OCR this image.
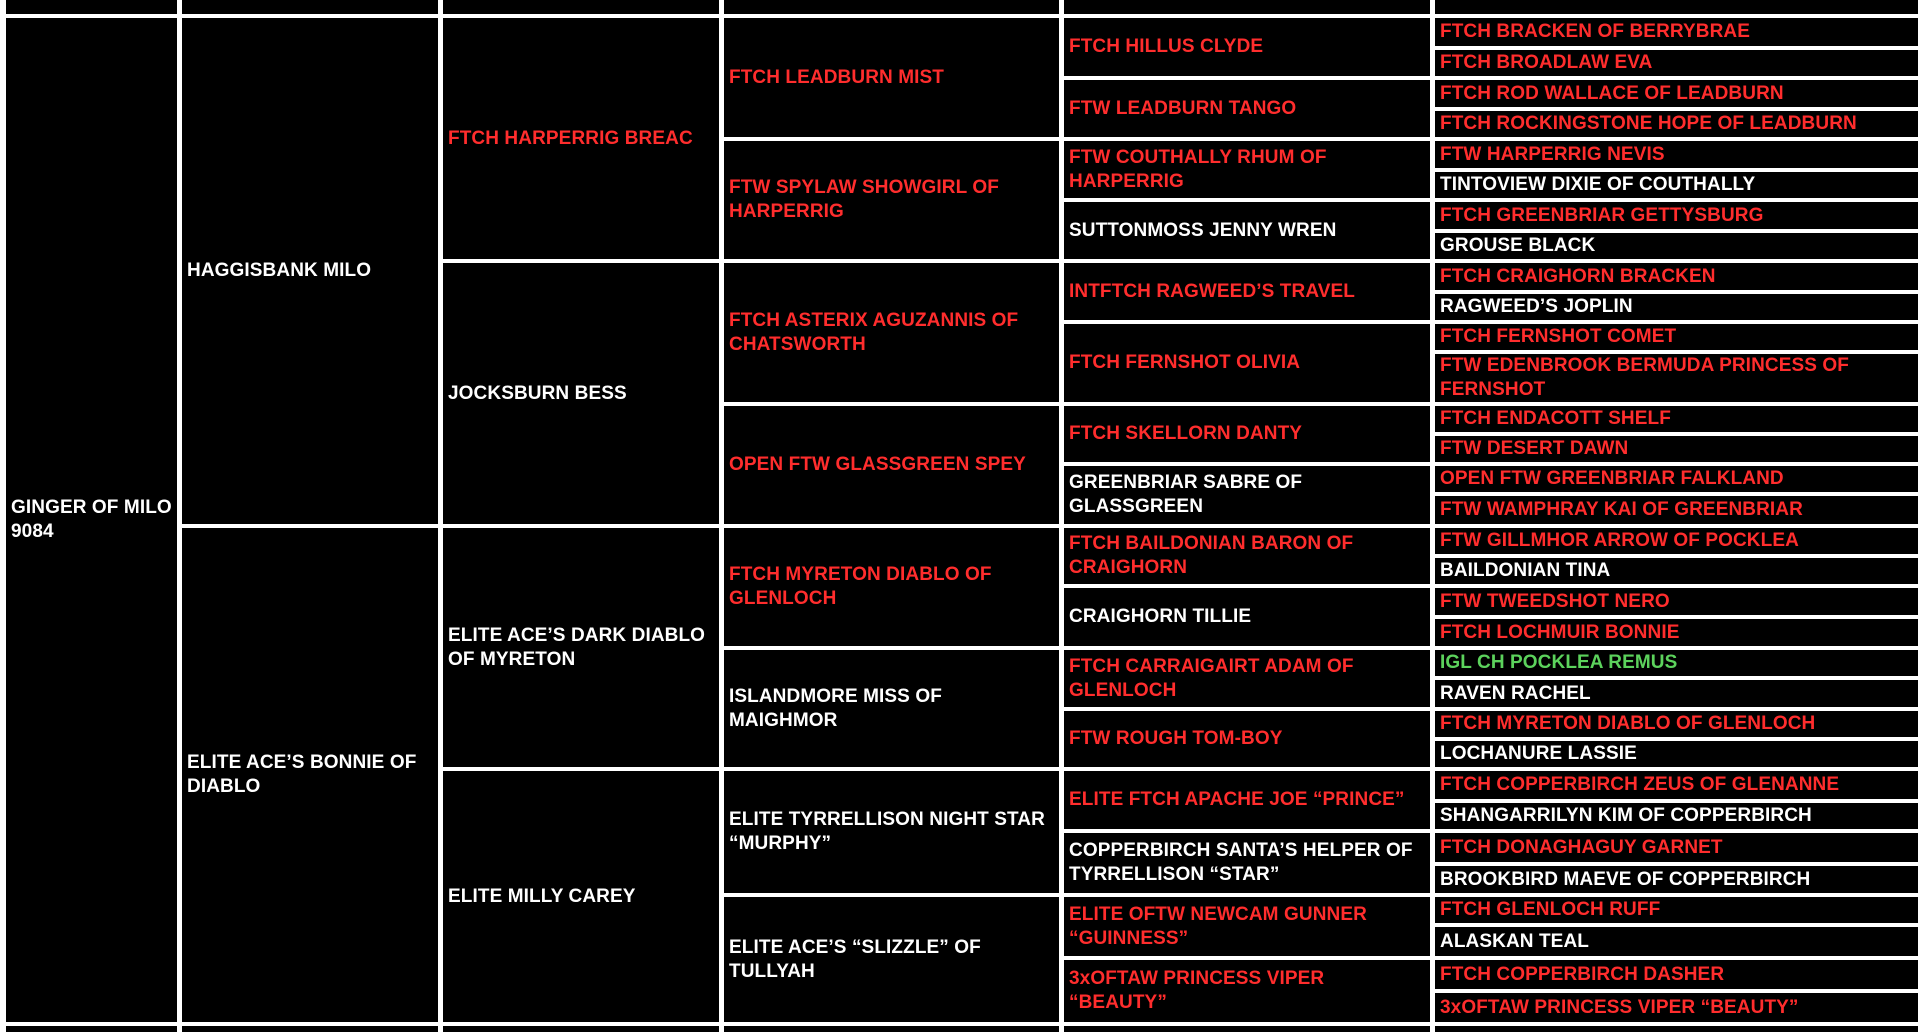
GINGER OF MILO 9084
HAGGISBANK MILO
ELITE ACE’S BONNIE OF DIABLO
FTCH HARPERRIG BREAC
JOCKSBURN BESS
ELITE ACE’S DARK DIABLO OF MYRETON
ELITE MILLY CAREY
FTCH LEADBURN MIST
FTW SPYLAW SHOWGIRL OF HARPERRIG
FTCH ASTERIX AGUZANNIS OF CHATSWORTH
OPEN FTW GLASSGREEN SPEY
FTCH MYRETON DIABLO OF GLENLOCH
ISLANDMORE MISS OF MAIGHMOR
ELITE TYRRELLISON NIGHT STAR “MURPHY”
ELITE ACE’S “SLIZZLE” OF TULLYAH
FTCH HILLUS CLYDE
FTW LEADBURN TANGO
FTW COUTHALLY RHUM OF HARPERRIG
SUTTONMOSS JENNY WREN
INTFTCH RAGWEED’S TRAVEL
FTCH FERNSHOT OLIVIA
FTCH SKELLORN DANTY
GREENBRIAR SABRE OF GLASSGREEN
FTCH BAILDONIAN BARON OF CRAIGHORN
CRAIGHORN TILLIE
FTCH CARRAIGAIRT ADAM OF GLENLOCH
FTW ROUGH TOM-BOY
ELITE FTCH APACHE JOE “PRINCE”
COPPERBIRCH SANTA’S HELPER OF TYRRELLISON “STAR”
ELITE OFTW NEWCAM GUNNER “GUINNESS”
3xOFTAW PRINCESS VIPER “BEAUTY”
FTCH BRACKEN OF BERRYBRAE
FTCH BROADLAW EVA
FTCH ROD WALLACE OF LEADBURN
FTCH ROCKINGSTONE HOPE OF LEADBURN
FTW HARPERRIG NEVIS
TINTOVIEW DIXIE OF COUTHALLY
FTCH GREENBRIAR GETTYSBURG
GROUSE BLACK
FTCH CRAIGHORN BRACKEN
RAGWEED’S JOPLIN
FTCH FERNSHOT COMET
FTW EDENBROOK BERMUDA PRINCESS OF FERNSHOT
FTCH ENDACOTT SHELF
FTW DESERT DAWN
OPEN FTW GREENBRIAR FALKLAND
FTW WAMPHRAY KAI OF GREENBRIAR
FTW GILLMHOR ARROW OF POCKLEA
BAILDONIAN TINA
FTW TWEEDSHOT NERO
FTCH LOCHMUIR BONNIE
IGL CH POCKLEA REMUS
RAVEN RACHEL
FTCH MYRETON DIABLO OF GLENLOCH
LOCHANURE LASSIE
FTCH COPPERBIRCH ZEUS OF GLENANNE
SHANGARRILYN KIM OF COPPERBIRCH
FTCH DONAGHAGUY GARNET
BROOKBIRD MAEVE OF COPPERBIRCH
FTCH GLENLOCH RUFF
ALASKAN TEAL
FTCH COPPERBIRCH DASHER
3xOFTAW PRINCESS VIPER “BEAUTY”
